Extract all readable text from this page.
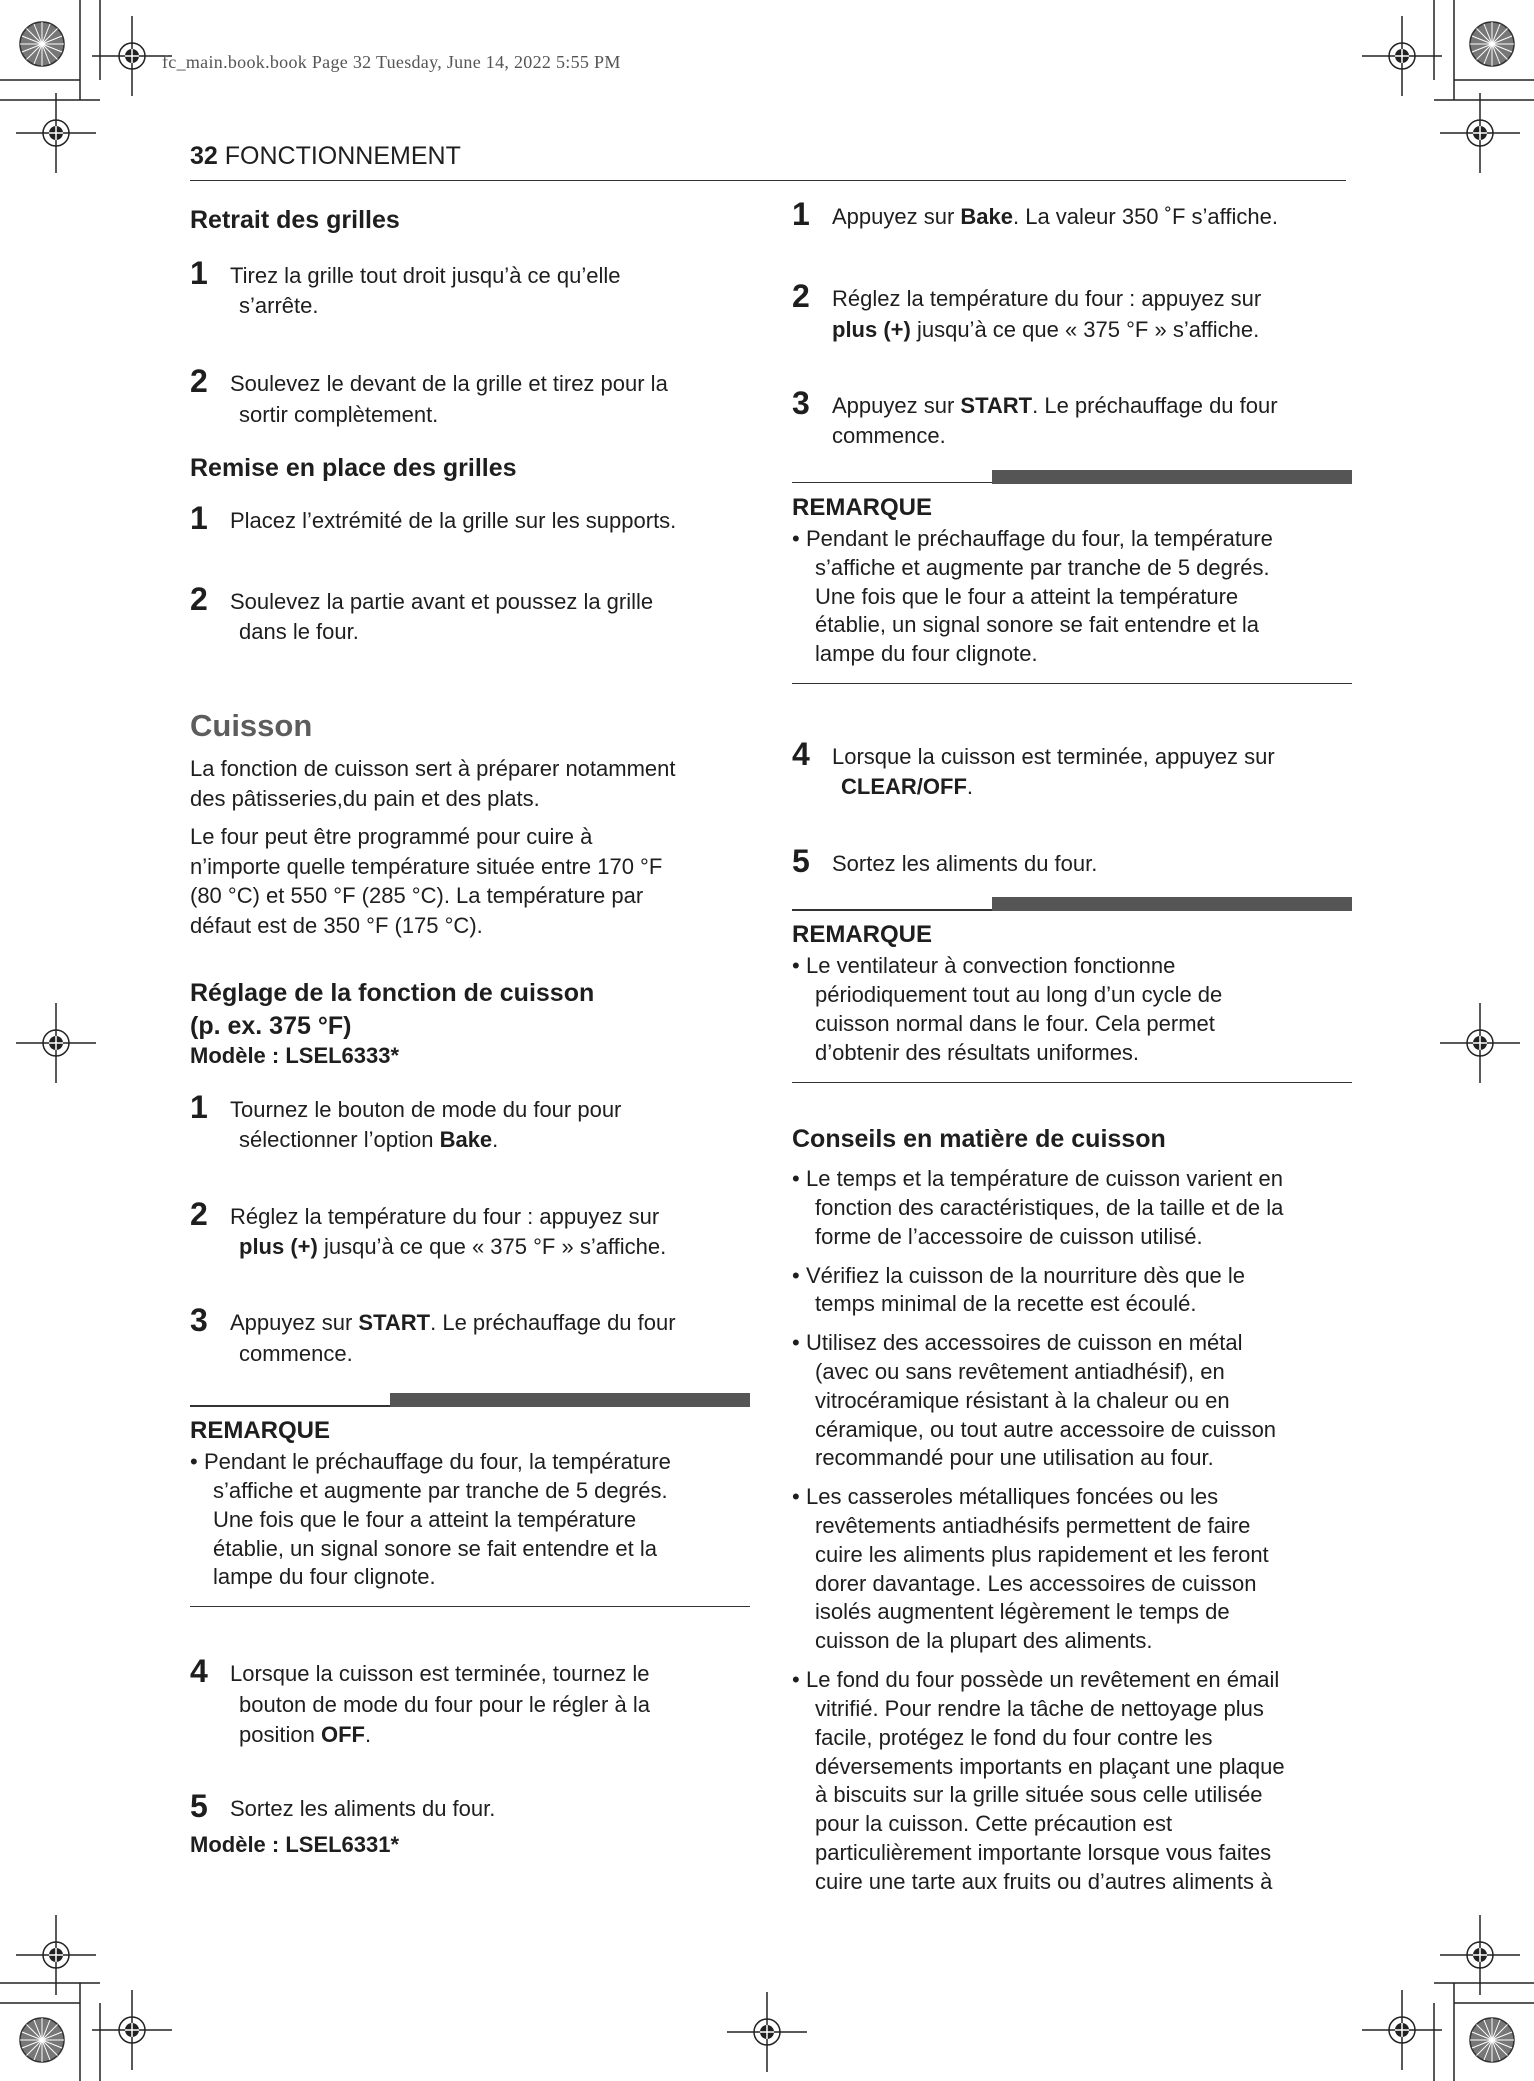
fc_main.book.book Page 32 Tuesday, June 14, 2022 5:55 PM

32 FONCTIONNEMENT
Retrait des grilles
1	Tirez la grille tout droit jusqu’à ce qu’elle
s’arrête.
2	Soulevez le devant de la grille et tirez pour la
sortir complètement.
Remise en place des grilles
1	Placez l’extrémité de la grille sur les supports.
2	Soulevez la partie avant et poussez la grille
dans le four.
Cuisson

La fonction de cuisson sert à préparer notamment
des pâtisseries,du pain et des plats.

Le four peut être programmé pour cuire à
n’importe quelle température située entre 170 °F
(80 °C) et 550 °F (285 °C). La température par
défaut est de 350 °F (175 °C).

Réglage de la fonction de cuisson
(p. ex. 375 °F)
Modèle : LSEL6333*
1	Tournez le bouton de mode du four pour
sélectionner l’option Bake.
2	Réglez la température du four : appuyez sur
plus (+) jusqu’à ce que « 375 °F » s’affiche.
3	Appuyez sur START. Le préchauffage du four
commence.
REMARQUE
• Pendant le préchauffage du four, la température
s’affiche et augmente par tranche de 5 degrés.
Une fois que le four a atteint la température
établie, un signal sonore se fait entendre et la
lampe du four clignote.
4	Lorsque la cuisson est terminée, tournez le
bouton de mode du four pour le régler à la
position OFF.
5	Sortez les aliments du four.
Modèle : LSEL6331*
1	Appuyez sur Bake. La valeur 350 ˚F s’affiche.
2	Réglez la température du four : appuyez sur
plus (+) jusqu’à ce que « 375 °F » s’affiche.
3	Appuyez sur START. Le préchauffage du four
commence.
REMARQUE
• Pendant le préchauffage du four, la température
s’affiche et augmente par tranche de 5 degrés.
Une fois que le four a atteint la température
établie, un signal sonore se fait entendre et la
lampe du four clignote.
4	Lorsque la cuisson est terminée, appuyez sur
CLEAR/OFF.
5	Sortez les aliments du four.
REMARQUE
• Le ventilateur à convection fonctionne
périodiquement tout au long d’un cycle de
cuisson normal dans le four. Cela permet
d’obtenir des résultats uniformes.
Conseils en matière de cuisson
• Le temps et la température de cuisson varient en
fonction des caractéristiques, de la taille et de la
forme de l’accessoire de cuisson utilisé.
• Vérifiez la cuisson de la nourriture dès que le
temps minimal de la recette est écoulé.
• Utilisez des accessoires de cuisson en métal
(avec ou sans revêtement antiadhésif), en
vitrocéramique résistant à la chaleur ou en
céramique, ou tout autre accessoire de cuisson
recommandé pour une utilisation au four.
• Les casseroles métalliques foncées ou les
revêtements antiadhésifs permettent de faire
cuire les aliments plus rapidement et les feront
dorer davantage. Les accessoires de cuisson
isolés augmentent légèrement le temps de
cuisson de la plupart des aliments.
• Le fond du four possède un revêtement en émail
vitrifié. Pour rendre la tâche de nettoyage plus
facile, protégez le fond du four contre les
déversements importants en plaçant une plaque
à biscuits sur la grille située sous celle utilisée
pour la cuisson. Cette précaution est
particulièrement importante lorsque vous faites
cuire une tarte aux fruits ou d’autres aliments à
